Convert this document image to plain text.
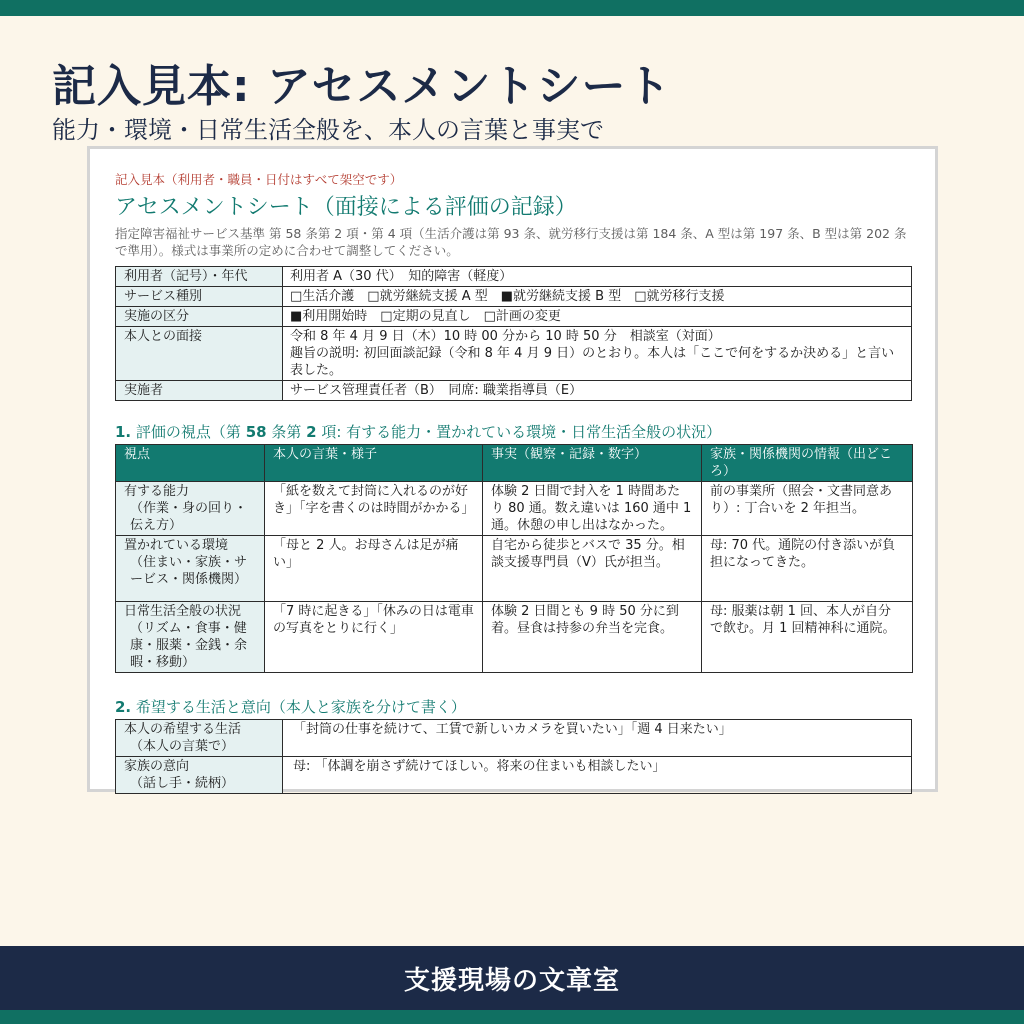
記入見本: アセスメントシート
能力・環境・日常生活全般を、本人の言葉と事実で
記入見本（利用者・職員・日付はすべて架空です）
アセスメントシート（面接による評価の記録）
指定障害福祉サービス基準 第 58 条第 2 項・第 4 項（生活介護は第 93 条、就労移行支援は第 184 条、A 型は第 197 条、B 型は第 202 条で準用）。様式は事業所の定めに合わせて調整してください。
利用者（記号）・年代	利用者 A（30 代）　知的障害（軽度）
サービス種別	□生活介護　□就労継続支援 A 型　■就労継続支援 B 型　□就労移行支援
実施の区分	■利用開始時　□定期の見直し　□計画の変更
本人との面接	令和 8 年 4 月 9 日（木）10 時 00 分から 10 時 50 分　相談室（対面）
趣旨の説明: 初回面談記録（令和 8 年 4 月 9 日）のとおり。本人は「ここで何をするか決める」と言い表した。

実施者	サービス管理責任者（B）　同席: 職業指導員（E）
1. 評価の視点（第 58 条第 2 項: 有する能力・置かれている環境・日常生活全般の状況）
視点	本人の言葉・様子	事実（観察・記録・数字）	家族・関係機関の情報（出どころ）

有する能力
（作業・身の回り・伝え方）	「紙を数えて封筒に入れるのが好き」「字を書くのは時間がかかる」	体験 2 日間で封入を 1 時間あたり 80 通。数え違いは 160 通中 1 通。休憩の申し出はなかった。	前の事業所（照会・文書同意あり）: 丁合いを 2 年担当。

置かれている環境
（住まい・家族・サービス・関係機関）	「母と 2 人。お母さんは足が痛い」	自宅から徒歩とバスで 35 分。相談支援専門員（V）氏が担当。	母: 70 代。通院の付き添いが負担になってきた。

日常生活全般の状況
（リズム・食事・健康・服薬・金銭・余暇・移動）	「7 時に起きる」「休みの日は電車の写真をとりに行く」	体験 2 日間とも 9 時 50 分に到着。昼食は持参の弁当を完食。	母: 服薬は朝 1 回、本人が自分で飲む。月 1 回精神科に通院。
2. 希望する生活と意向（本人と家族を分けて書く）
本人の希望する生活
（本人の言葉で）	「封筒の仕事を続けて、工賃で新しいカメラを買いたい」「週 4 日来たい」

家族の意向
（話し手・続柄）	母: 「体調を崩さず続けてほしい。将来の住まいも相談したい」
支援現場の文章室
